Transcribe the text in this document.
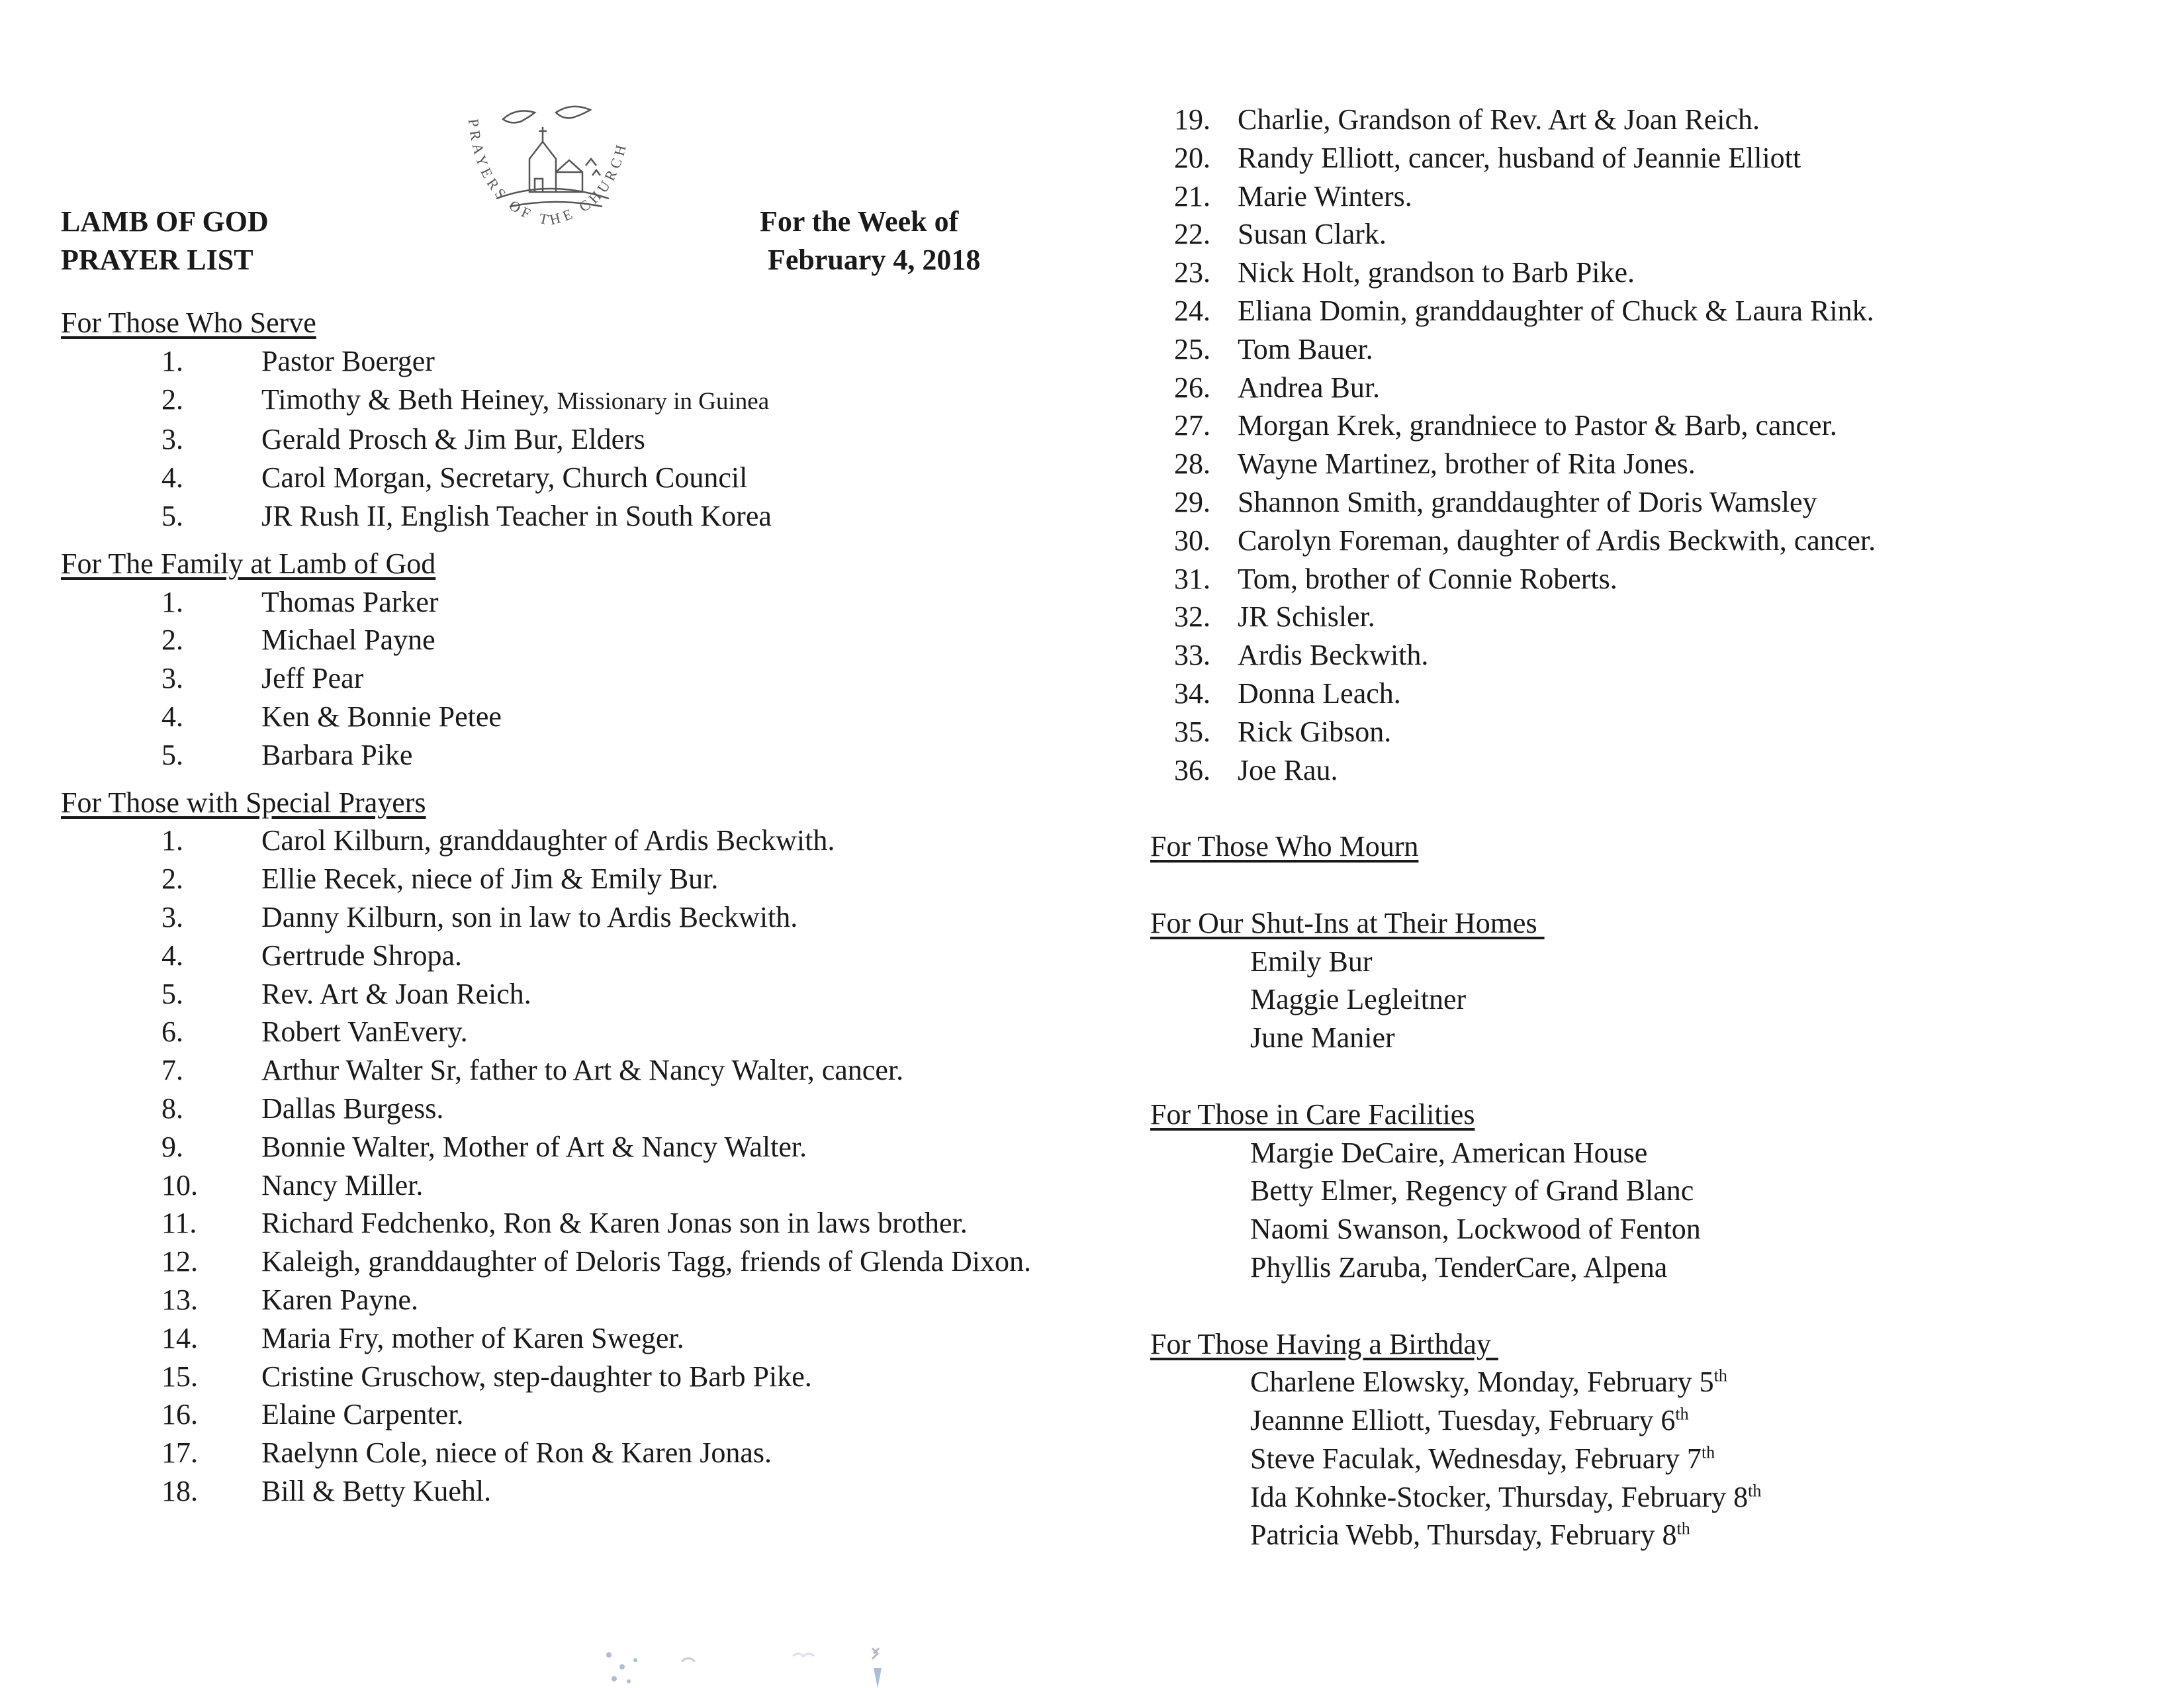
PRAYERS OF THE CHURCH
LAMB OF GOD
PRAYER LIST
For the Week of
February 4, 2018
For Those Who Serve
1.	Pastor Boerger
2.	Timothy & Beth Heiney, Missionary in Guinea
3.	Gerald Prosch & Jim Bur, Elders
4.	Carol Morgan, Secretary, Church Council
5.	JR Rush II, English Teacher in South Korea
For The Family at Lamb of God
1.	Thomas Parker
2.	Michael Payne
3.	Jeff Pear
4.	Ken & Bonnie Petee
5.	Barbara Pike
For Those with Special Prayers
1.	Carol Kilburn, granddaughter of Ardis Beckwith.
2.	Ellie Recek, niece of Jim & Emily Bur.
3.	Danny Kilburn, son in law to Ardis Beckwith.
4.	Gertrude Shropa.
5.	Rev. Art & Joan Reich.
6.	Robert VanEvery.
7.	Arthur Walter Sr, father to Art & Nancy Walter, cancer.
8.	Dallas Burgess.
9.	Bonnie Walter, Mother of Art & Nancy Walter.
10.	Nancy Miller.
11.	Richard Fedchenko, Ron & Karen Jonas son in laws brother.
12.	Kaleigh, granddaughter of Deloris Tagg, friends of Glenda Dixon.
13.	Karen Payne.
14.	Maria Fry, mother of Karen Sweger.
15.	Cristine Gruschow, step-daughter to Barb Pike.
16.	Elaine Carpenter.
17.	Raelynn Cole, niece of Ron & Karen Jonas.
18.	Bill & Betty Kuehl.
19. Charlie, Grandson of Rev. Art & Joan Reich.
20. Randy Elliott, cancer, husband of Jeannie Elliott
21. Marie Winters.
22. Susan Clark.
23. Nick Holt, grandson to Barb Pike.
24. Eliana Domin, granddaughter of Chuck & Laura Rink.
25. Tom Bauer.
26. Andrea Bur.
27. Morgan Krek, grandniece to Pastor & Barb, cancer.
28. Wayne Martinez, brother of Rita Jones.
29. Shannon Smith, granddaughter of Doris Wamsley
30. Carolyn Foreman, daughter of Ardis Beckwith, cancer.
31. Tom, brother of Connie Roberts.
32. JR Schisler.
33. Ardis Beckwith.
34. Donna Leach.
35. Rick Gibson.
36. Joe Rau.
For Those Who Mourn
For Our Shut-Ins at Their Homes
Emily Bur
Maggie Legleitner
June Manier
For Those in Care Facilities
Margie DeCaire, American House
Betty Elmer, Regency of Grand Blanc
Naomi Swanson, Lockwood of Fenton
Phyllis Zaruba, TenderCare, Alpena
For Those Having a Birthday
Charlene Elowsky, Monday, February 5th
Jeannne Elliott, Tuesday, February 6th
Steve Faculak, Wednesday, February 7th
Ida Kohnke-Stocker, Thursday, February 8th
Patricia Webb, Thursday, February 8th
